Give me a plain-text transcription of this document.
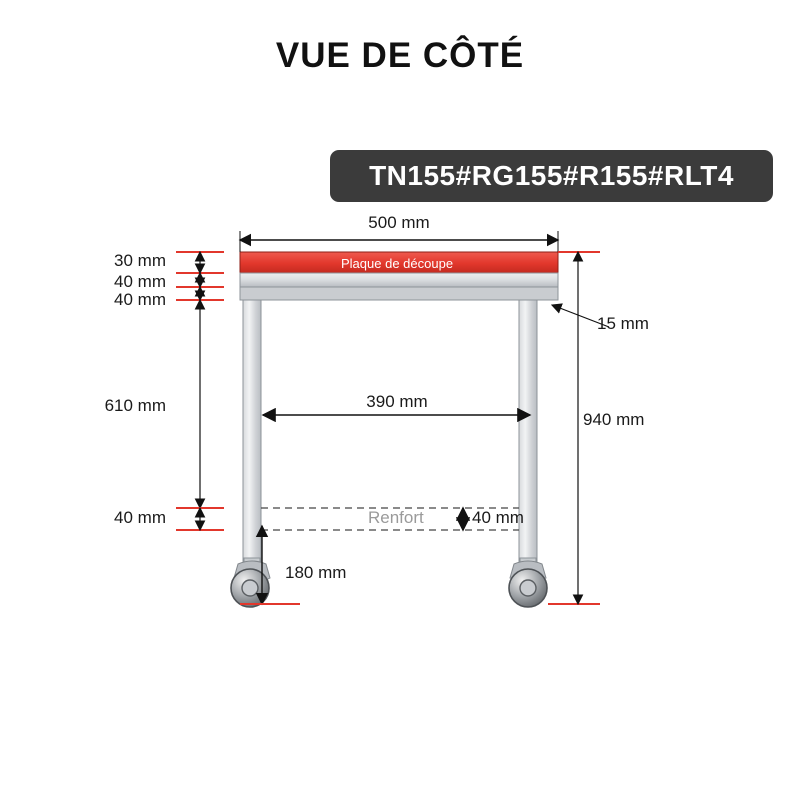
VUE DE CÔTÉ
TN155#RG155#R155#RLT4
Plaque de découpe
Renfort
500 mm
30 mm
40 mm
40 mm
15 mm
390 mm
610 mm
940 mm
40 mm	40 mm
180 mm
